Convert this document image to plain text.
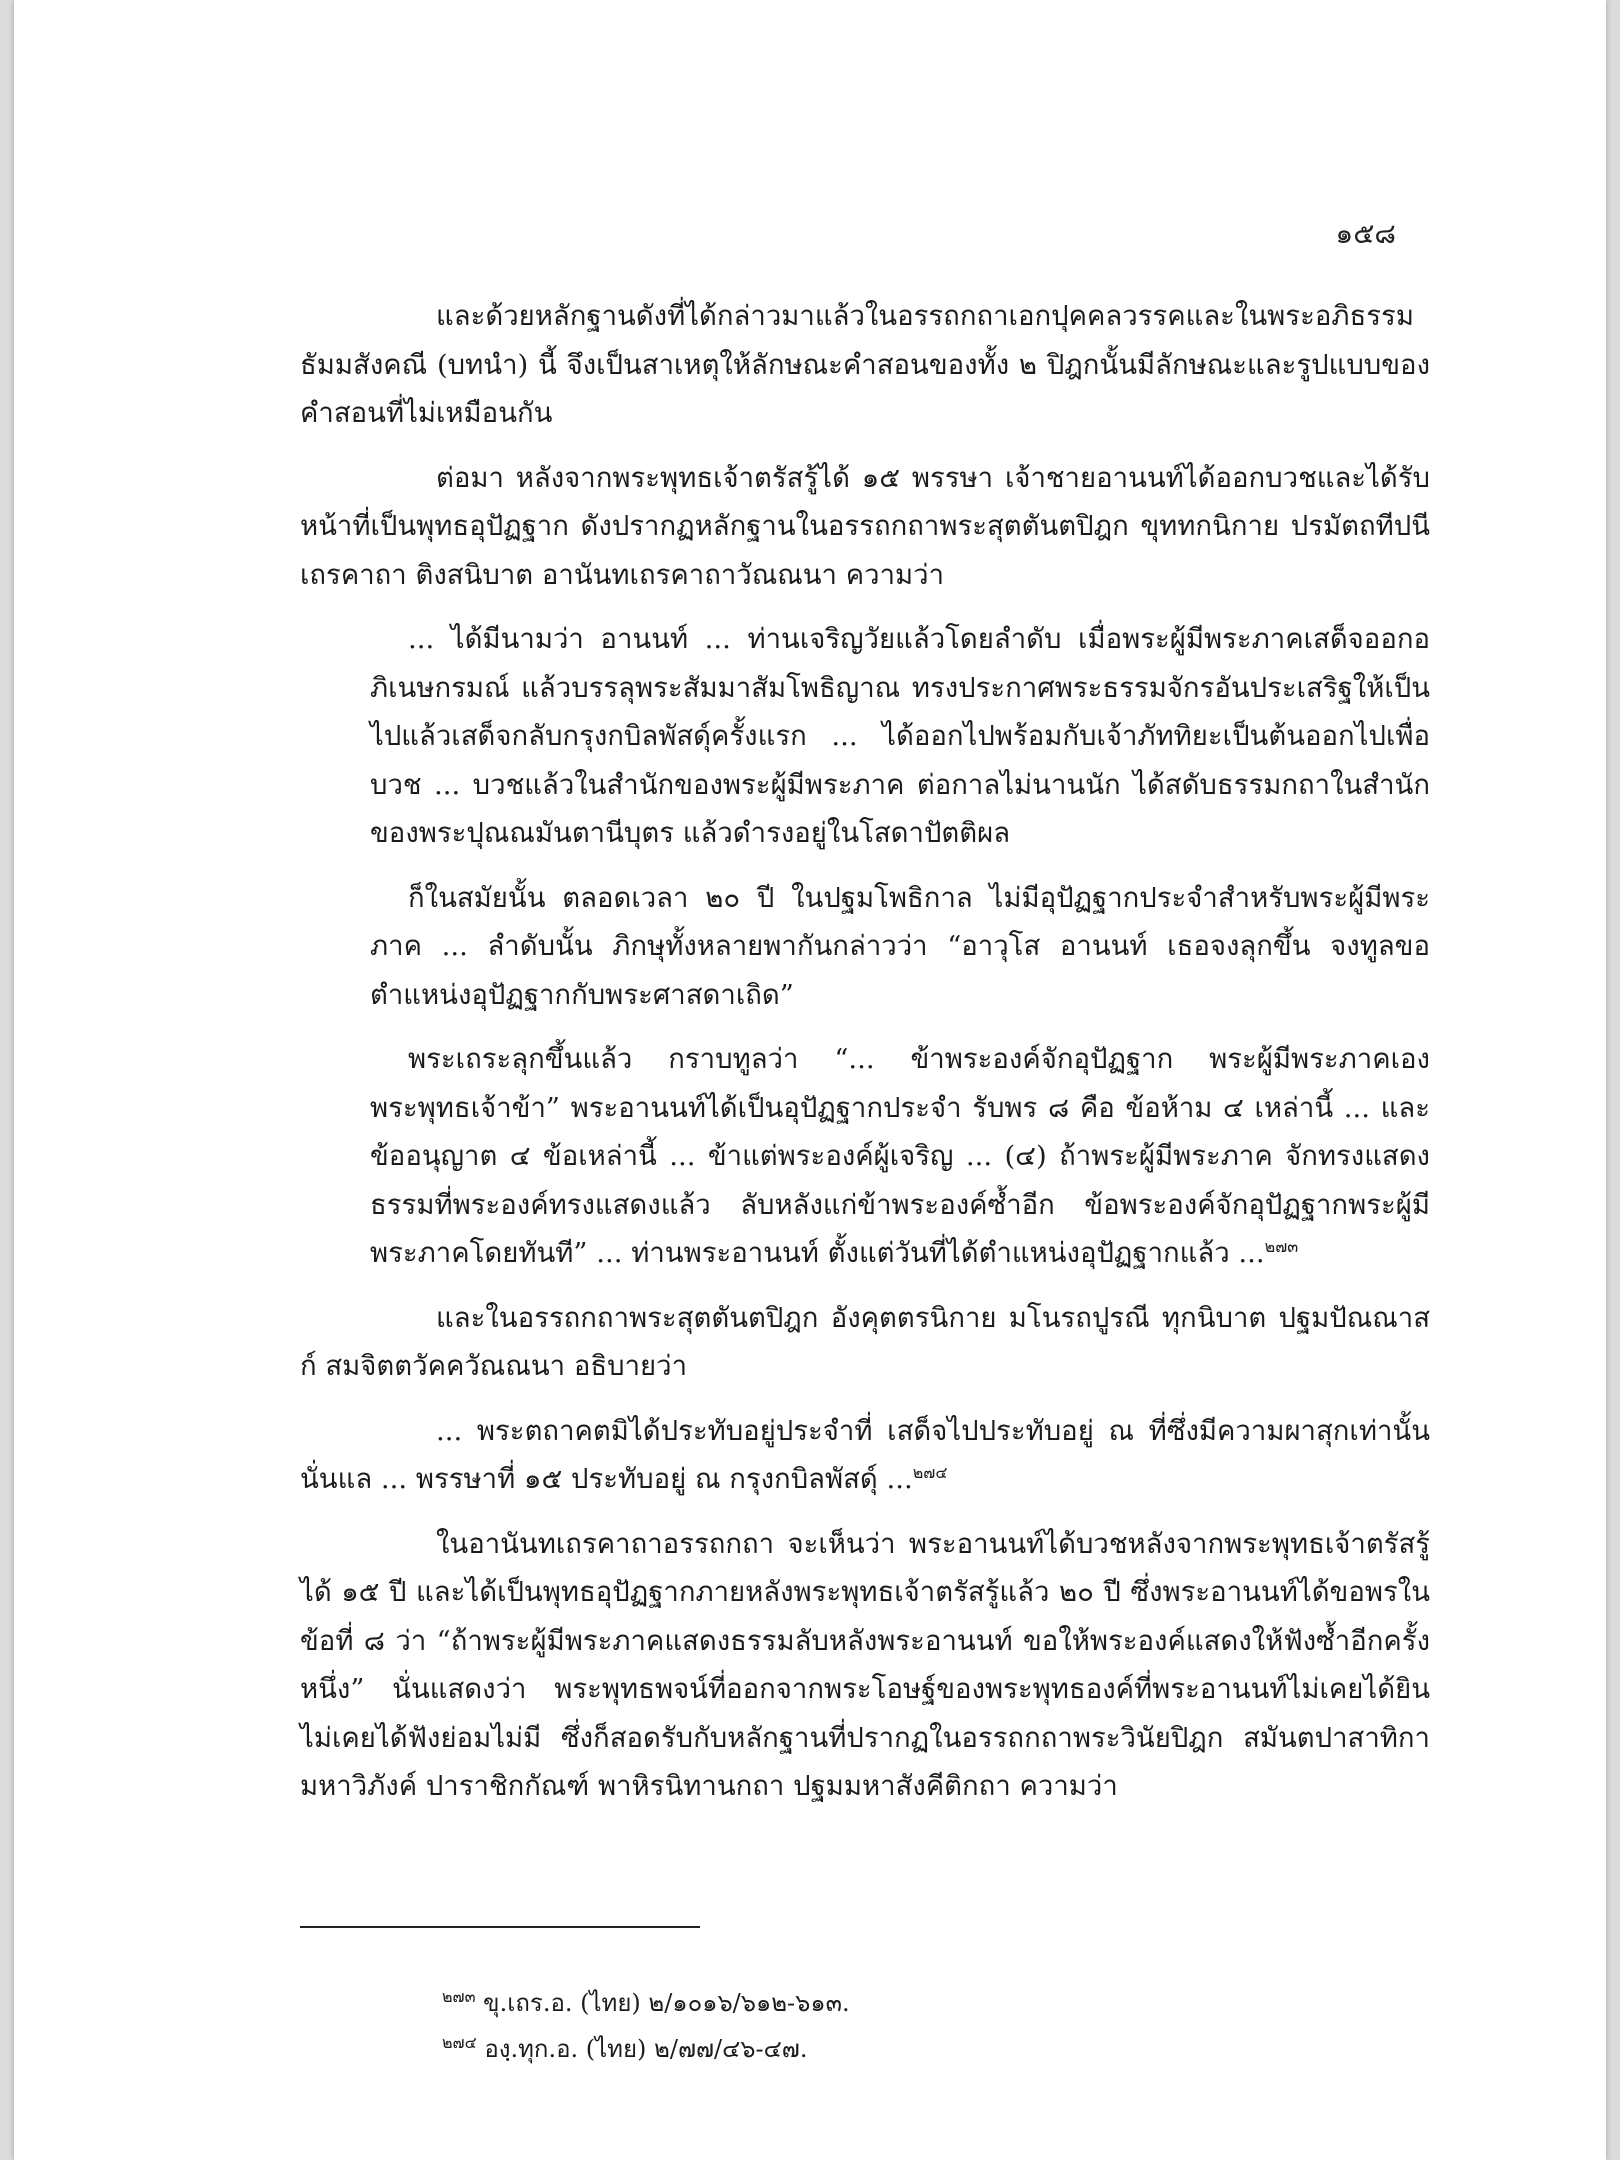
๑๕๘

และด้วยหลักฐานดังที่ได้กล่าวมาแล้วในอรรถกถาเอกปุคคลวรรคและในพระอภิธรรม ธัมมสังคณี (บทนำ) นี้ จึงเป็นสาเหตุให้ลักษณะคำสอนของทั้ง ๒ ปิฎกนั้นมีลักษณะและรูปแบบของคำสอนที่ไม่เหมือนกัน

ต่อมา หลังจากพระพุทธเจ้าตรัสรู้ได้ ๑๕ พรรษา เจ้าชายอานนท์ได้ออกบวชและได้รับหน้าที่เป็นพุทธอุปัฏฐาก ดังปรากฏหลักฐานในอรรถกถาพระสุตตันตปิฎก ขุททกนิกาย ปรมัตถทีปนี เถรคาถา ติงสนิบาต อานันทเถรคาถาวัณณนา ความว่า

... ได้มีนามว่า อานนท์ ... ท่านเจริญวัยแล้วโดยลำดับ เมื่อพระผู้มีพระภาคเสด็จออกอภิเนษกรมณ์ แล้วบรรลุพระสัมมาสัมโพธิญาณ ทรงประกาศพระธรรมจักรอันประเสริฐให้เป็นไปแล้วเสด็จกลับกรุงกบิลพัสดุ์ครั้งแรก ... ได้ออกไปพร้อมกับเจ้าภัททิยะเป็นต้นออกไปเพื่อบวช ... บวชแล้วในสำนักของพระผู้มีพระภาค ต่อกาลไม่นานนัก ได้สดับธรรมกถาในสำนักของพระปุณณมันตานีบุตร แล้วดำรงอยู่ในโสดาปัตติผล

ก็ในสมัยนั้น ตลอดเวลา ๒๐ ปี ในปฐมโพธิกาล ไม่มีอุปัฏฐากประจำสำหรับพระผู้มีพระภาค ... ลำดับนั้น ภิกษุทั้งหลายพากันกล่าวว่า “อาวุโส อานนท์ เธอจงลุกขึ้น จงทูลขอตำแหน่งอุปัฏฐากกับพระศาสดาเถิด”

พระเถระลุกขึ้นแล้ว กราบทูลว่า “... ข้าพระองค์จักอุปัฏฐาก พระผู้มีพระภาคเอง พระพุทธเจ้าข้า” พระอานนท์ได้เป็นอุปัฏฐากประจำ รับพร ๘ คือ ข้อห้าม ๔ เหล่านี้ ... และข้ออนุญาต ๔ ข้อเหล่านี้ ... ข้าแต่พระองค์ผู้เจริญ ... (๔) ถ้าพระผู้มีพระภาค จักทรงแสดงธรรมที่พระองค์ทรงแสดงแล้ว ลับหลังแก่ข้าพระองค์ซ้ำอีก ข้อพระองค์จักอุปัฏฐากพระผู้มีพระภาคโดยทันที” ... ท่านพระอานนท์ ตั้งแต่วันที่ได้ตำแหน่งอุปัฏฐากแล้ว ...$^{๒๗๓}$

และในอรรถกถาพระสุตตันตปิฎก อังคุตตรนิกาย มโนรถปูรณี ทุกนิบาต ปฐมปัณณาสก์ สมจิตตวัคควัณณนา อธิบายว่า

... พระตถาคตมิได้ประทับอยู่ประจำที่ เสด็จไปประทับอยู่ ณ ที่ซึ่งมีความผาสุกเท่านั้นนั่นแล ... พรรษาที่ ๑๕ ประทับอยู่ ณ กรุงกบิลพัสดุ์ ...$^{๒๗๔}$

ในอานันทเถรคาถาอรรถกถา จะเห็นว่า พระอานนท์ได้บวชหลังจากพระพุทธเจ้าตรัสรู้ได้ ๑๕ ปี และได้เป็นพุทธอุปัฏฐากภายหลังพระพุทธเจ้าตรัสรู้แล้ว ๒๐ ปี ซึ่งพระอานนท์ได้ขอพรในข้อที่ ๘ ว่า “ถ้าพระผู้มีพระภาคแสดงธรรมลับหลังพระอานนท์ ขอให้พระองค์แสดงให้ฟังซ้ำอีกครั้งหนึ่ง” นั่นแสดงว่า พระพุทธพจน์ที่ออกจากพระโอษฐ์ของพระพุทธองค์ที่พระอานนท์ไม่เคยได้ยิน ไม่เคยได้ฟังย่อมไม่มี ซึ่งก็สอดรับกับหลักฐานที่ปรากฏในอรรถกถาพระวินัยปิฎก สมันตปาสาทิกา มหาวิภังค์ ปาราชิกกัณฑ์ พาหิรนิทานกถา ปฐมมหาสังคีติกถา ความว่า

$^{๒๗๓}$ ขุ.เถร.อ. (ไทย) ๒/๑๐๑๖/๖๑๒-๖๑๓.

$^{๒๗๔}$ องฺ.ทุก.อ. (ไทย) ๒/๗๗/๔๖-๔๗.
